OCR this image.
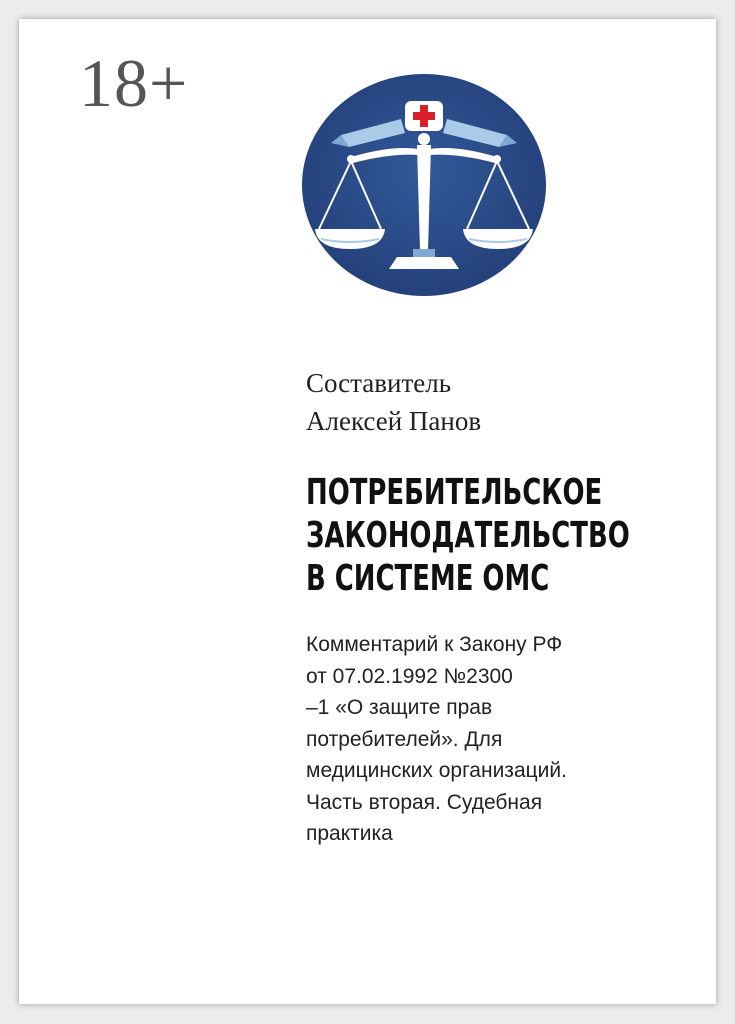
18+
Составитель
Алексей Панов
ПОТРЕБИТЕЛЬСКОЕ
ЗАКОНОДАТЕЛЬСТВО
В СИСТЕМЕ ОМС
Комментарий к Закону РФ
от 07.02.1992 №2300
–1 «О защите прав
потребителей». Для
медицинских организаций.
Часть вторая. Судебная
практика
